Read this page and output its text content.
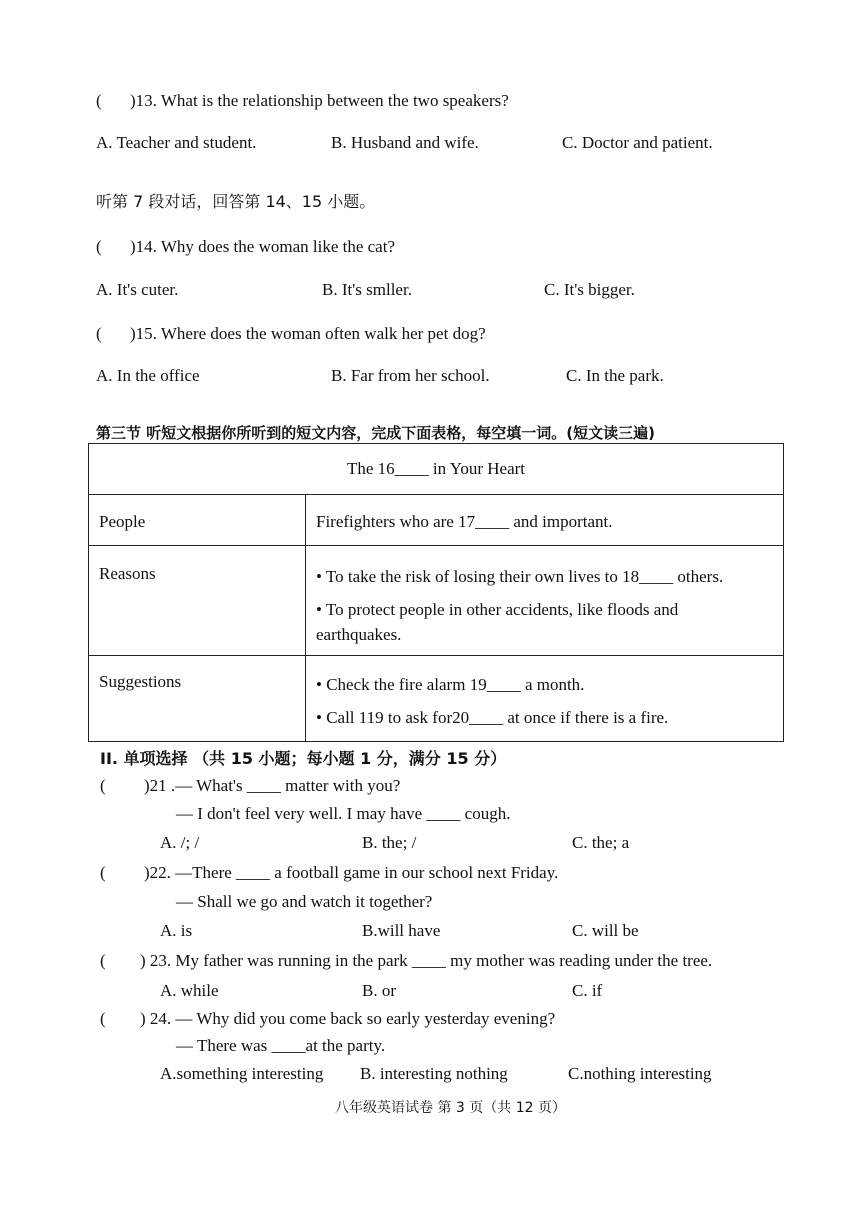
( )13. What is the relationship between the two speakers?
A. Teacher and student.	B. Husband and wife.	C. Doctor and patient.
听第 7 段对话，回答第 14、15 小题。
( )14. Why does the woman like the cat?
A. It's cuter.	B. It's smller.	C. It's bigger.
( )15. Where does the woman often walk her pet dog?
A. In the office	B. Far from her school.	C. In the park.
第三节 听短文根据你所听到的短文内容，完成下面表格，每空填一词。(短文读三遍)
The 16____ in Your Heart	
People	Firefighters who are 17____ and important.

Reasons	• To take the risk of losing their own lives to 18____ others.
• To protect people in other accidents, like floods and
earthquakes.

Suggestions	• Check the fire alarm 19____ a month.
• Call 119 to ask for20____ at once if there is a fire.
II. 单项选择 （共 15 小题；每小题 1 分，满分 15 分）
( )21 .— What's ____ matter with you?
— I don't feel very well. I may have ____ cough.
A. /; /	B. the; /	C. the; a
( )22. —There ____ a football game in our school next Friday.
— Shall we go and watch it together?
A. is	B.will have	C. will be
( ) 23. My father was running in the park ____ my mother was reading under the tree.
A. while	B. or	C. if
( ) 24. — Why did you come back so early yesterday evening?
— There was ____at the party.
A.something interesting B. interesting nothing	C.nothing interesting
八年级英语试卷 第 3 页（共 12 页）
